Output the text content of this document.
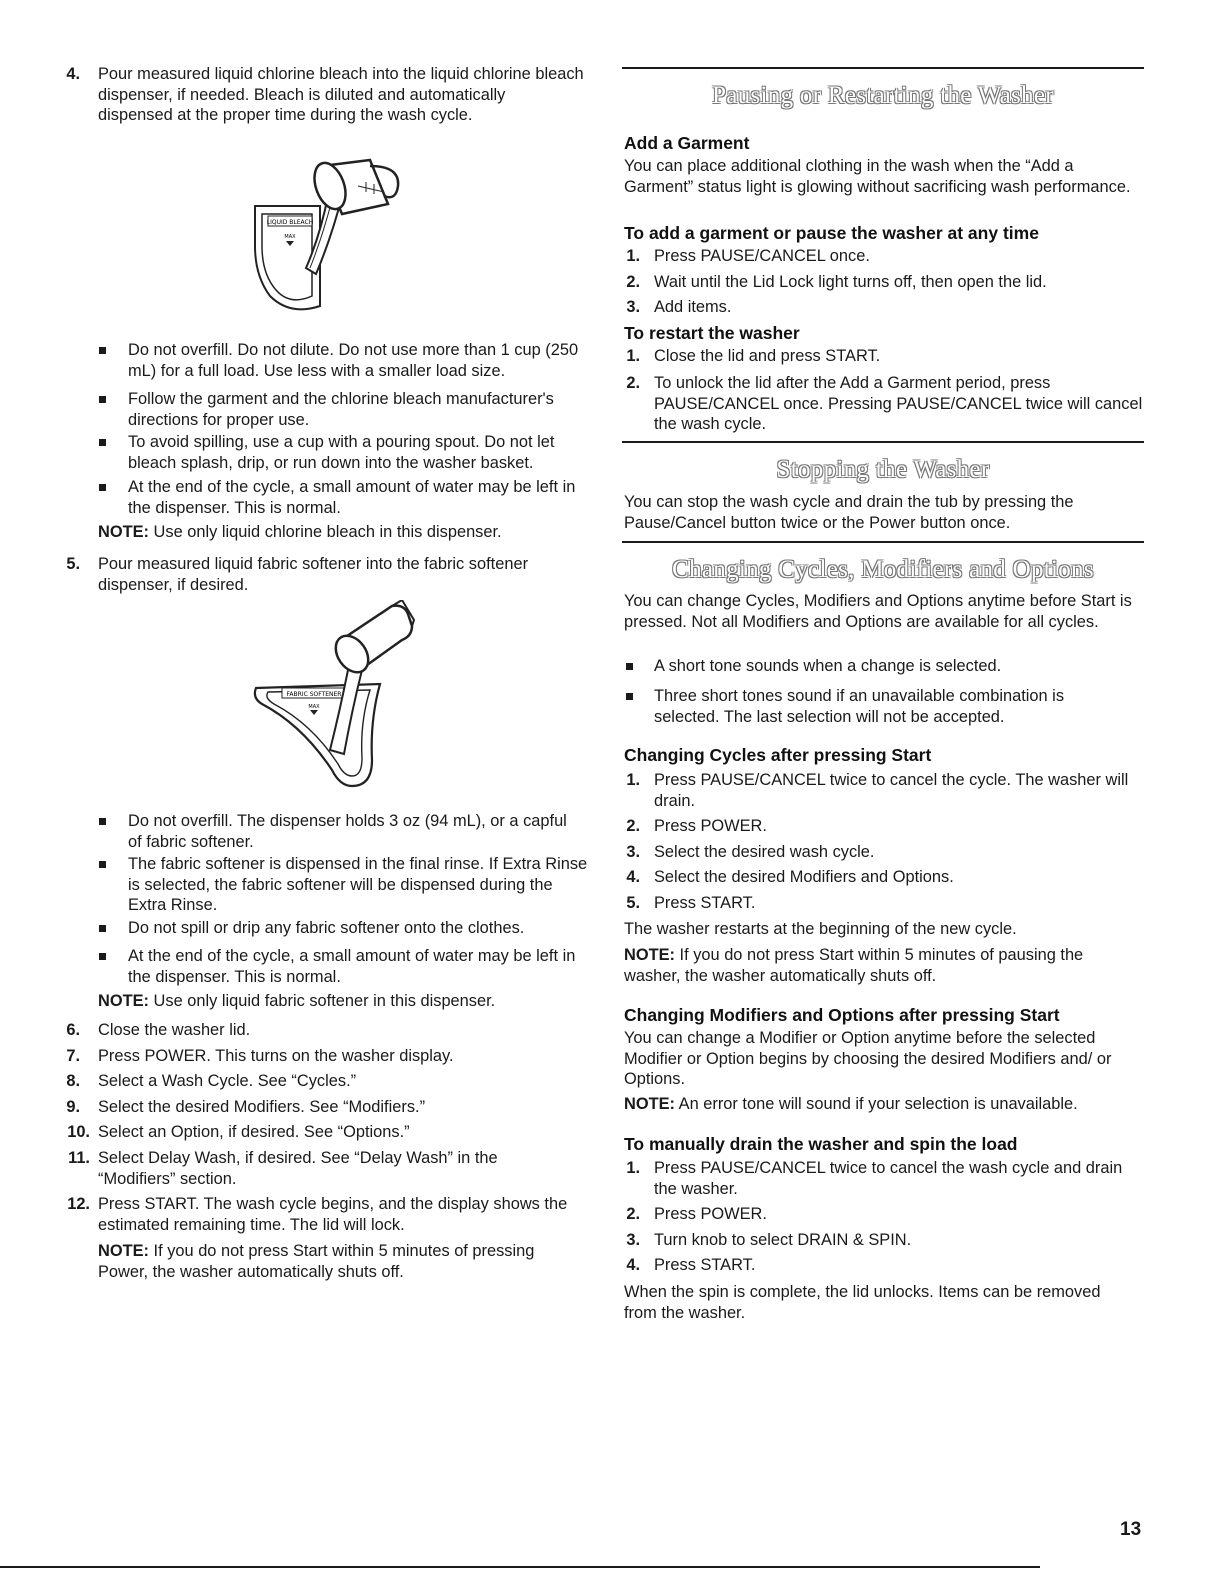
4. Pour measured liquid chlorine bleach into the liquid chlorine bleach dispenser, if needed. Bleach is diluted and automatically dispensed at the proper time during the wash cycle.

LIQUID BLEACH
MAX

Do not overfill. Do not dilute. Do not use more than 1 cup (250 mL) for a full load. Use less with a smaller load size.

Follow the garment and the chlorine bleach manufacturer's directions for proper use.

To avoid spilling, use a cup with a pouring spout. Do not let bleach splash, drip, or run down into the washer basket.

At the end of the cycle, a small amount of water may be left in the dispenser. This is normal.

NOTE: Use only liquid chlorine bleach in this dispenser.

5. Pour measured liquid fabric softener into the fabric softener dispenser, if desired.

FABRIC SOFTENER
MAX

Do not overfill. The dispenser holds 3 oz (94 mL), or a capful of fabric softener.

The fabric softener is dispensed in the final rinse. If Extra Rinse is selected, the fabric softener will be dispensed during the Extra Rinse.

Do not spill or drip any fabric softener onto the clothes.

At the end of the cycle, a small amount of water may be left in the dispenser. This is normal.

NOTE: Use only liquid fabric softener in this dispenser.

6. Close the washer lid.

7. Press POWER. This turns on the washer display.

8. Select a Wash Cycle. See “Cycles.”

9. Select the desired Modifiers. See “Modifiers.”

10. Select an Option, if desired. See “Options.”

11. Select Delay Wash, if desired. See “Delay Wash” in the “Modifiers” section.

12. Press START. The wash cycle begins, and the display shows the estimated remaining time. The lid will lock.

NOTE: If you do not press Start within 5 minutes of pressing Power, the washer automatically shuts off.

Pausing or Restarting the Washer

Add a Garment

You can place additional clothing in the wash when the “Add a Garment” status light is glowing without sacrificing wash performance.

To add a garment or pause the washer at any time

1. Press PAUSE/CANCEL once.

2. Wait until the Lid Lock light turns off, then open the lid.

3. Add items.

To restart the washer

1. Close the lid and press START.

2. To unlock the lid after the Add a Garment period, press PAUSE/CANCEL once. Pressing PAUSE/CANCEL twice will cancel the wash cycle.

Stopping the Washer

You can stop the wash cycle and drain the tub by pressing the Pause/Cancel button twice or the Power button once.

Changing Cycles, Modifiers and Options

You can change Cycles, Modifiers and Options anytime before Start is pressed. Not all Modifiers and Options are available for all cycles.

A short tone sounds when a change is selected.

Three short tones sound if an unavailable combination is selected. The last selection will not be accepted.

Changing Cycles after pressing Start

1. Press PAUSE/CANCEL twice to cancel the cycle. The washer will drain.

2. Press POWER.

3. Select the desired wash cycle.

4. Select the desired Modifiers and Options.

5. Press START.

The washer restarts at the beginning of the new cycle.

NOTE: If you do not press Start within 5 minutes of pausing the washer, the washer automatically shuts off.

Changing Modifiers and Options after pressing Start

You can change a Modifier or Option anytime before the selected Modifier or Option begins by choosing the desired Modifiers and/ or Options.

NOTE: An error tone will sound if your selection is unavailable.

To manually drain the washer and spin the load

1. Press PAUSE/CANCEL twice to cancel the wash cycle and drain the washer.

2. Press POWER.

3. Turn knob to select DRAIN & SPIN.

4. Press START.

When the spin is complete, the lid unlocks. Items can be removed from the washer.

13
